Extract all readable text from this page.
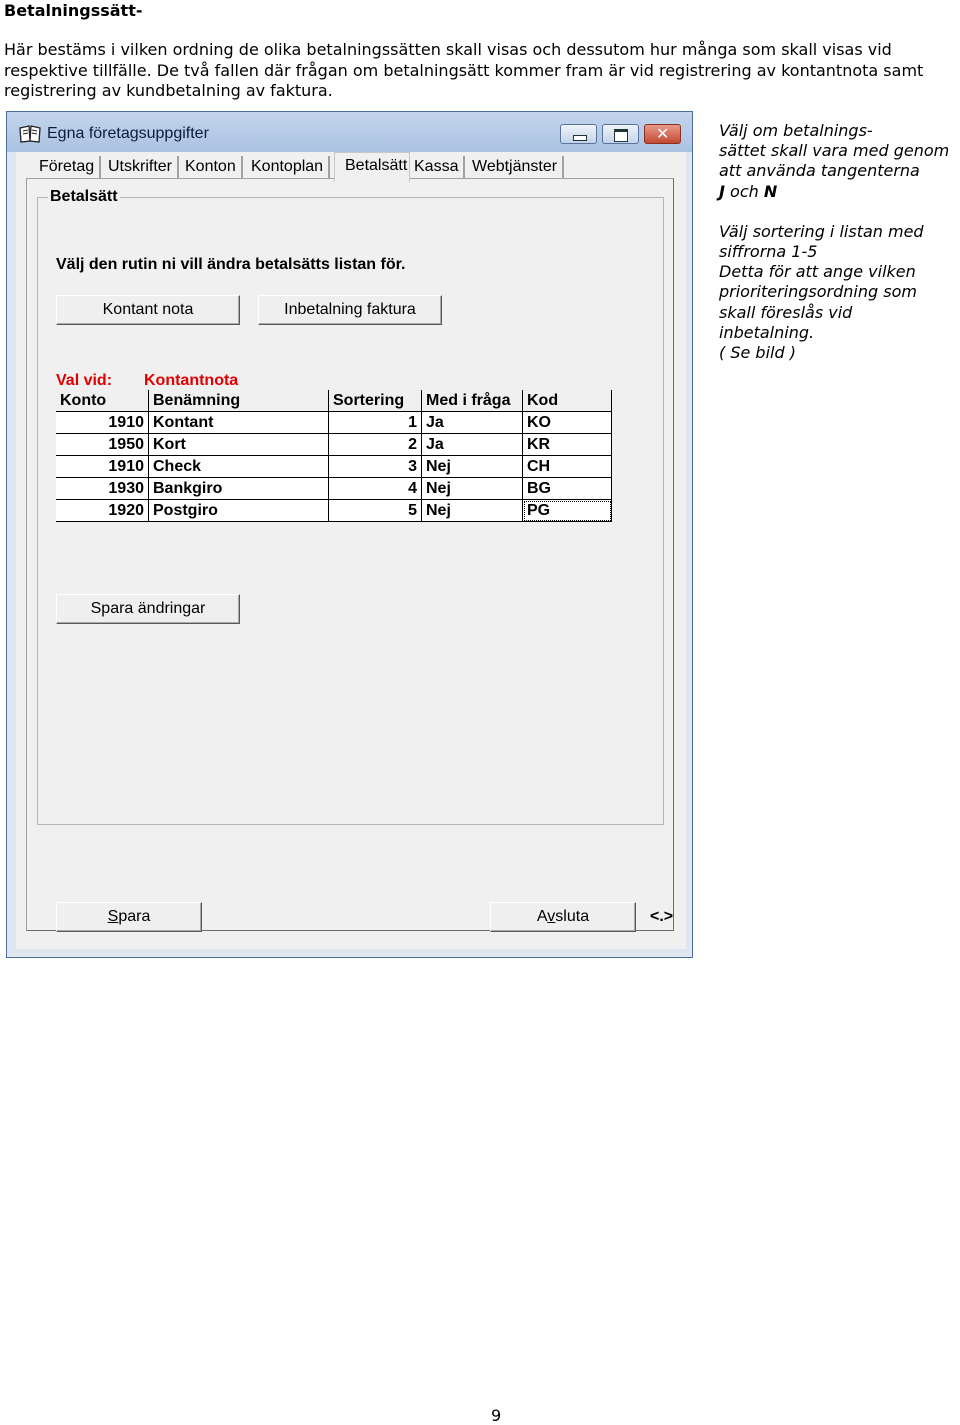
Betalningssätt-
Här bestäms i vilken ordning de olika betalningssätten skall visas och dessutom hur många som skall visas vid respektive tillfälle. De två fallen där frågan om betalningsätt kommer fram är vid registrering av kontantnota samt registrering av kundbetalning av faktura.
Egna företagsuppgifter	✕
Företag Utskrifter Konton Kontoplan	Betalsätt Kassa Webtjänster
Betalsätt
Välj den rutin ni vill ändra betalsätts listan för.
Kontant nota	Inbetalning faktura
Val vid: Kontantnota
Konto	Benämning	Sortering	Med i fråga	Kod
1910	Kontant	1	Ja	KO
1950	Kort	2	Ja	KR
1910	Check	3	Nej	CH
1930	Bankgiro	4	Nej	BG
1920	Postgiro	5	Nej	PG
Spara ändringar
Spara	Avsluta	<.>

Välj om betalnings-

sättet skall vara med genom

att använda tangenterna

J och N

Välj sortering i listan med

siffrorna 1-5

Detta för att ange vilken

prioriteringsordning som

skall föreslås vid

inbetalning.

( Se bild )

9
